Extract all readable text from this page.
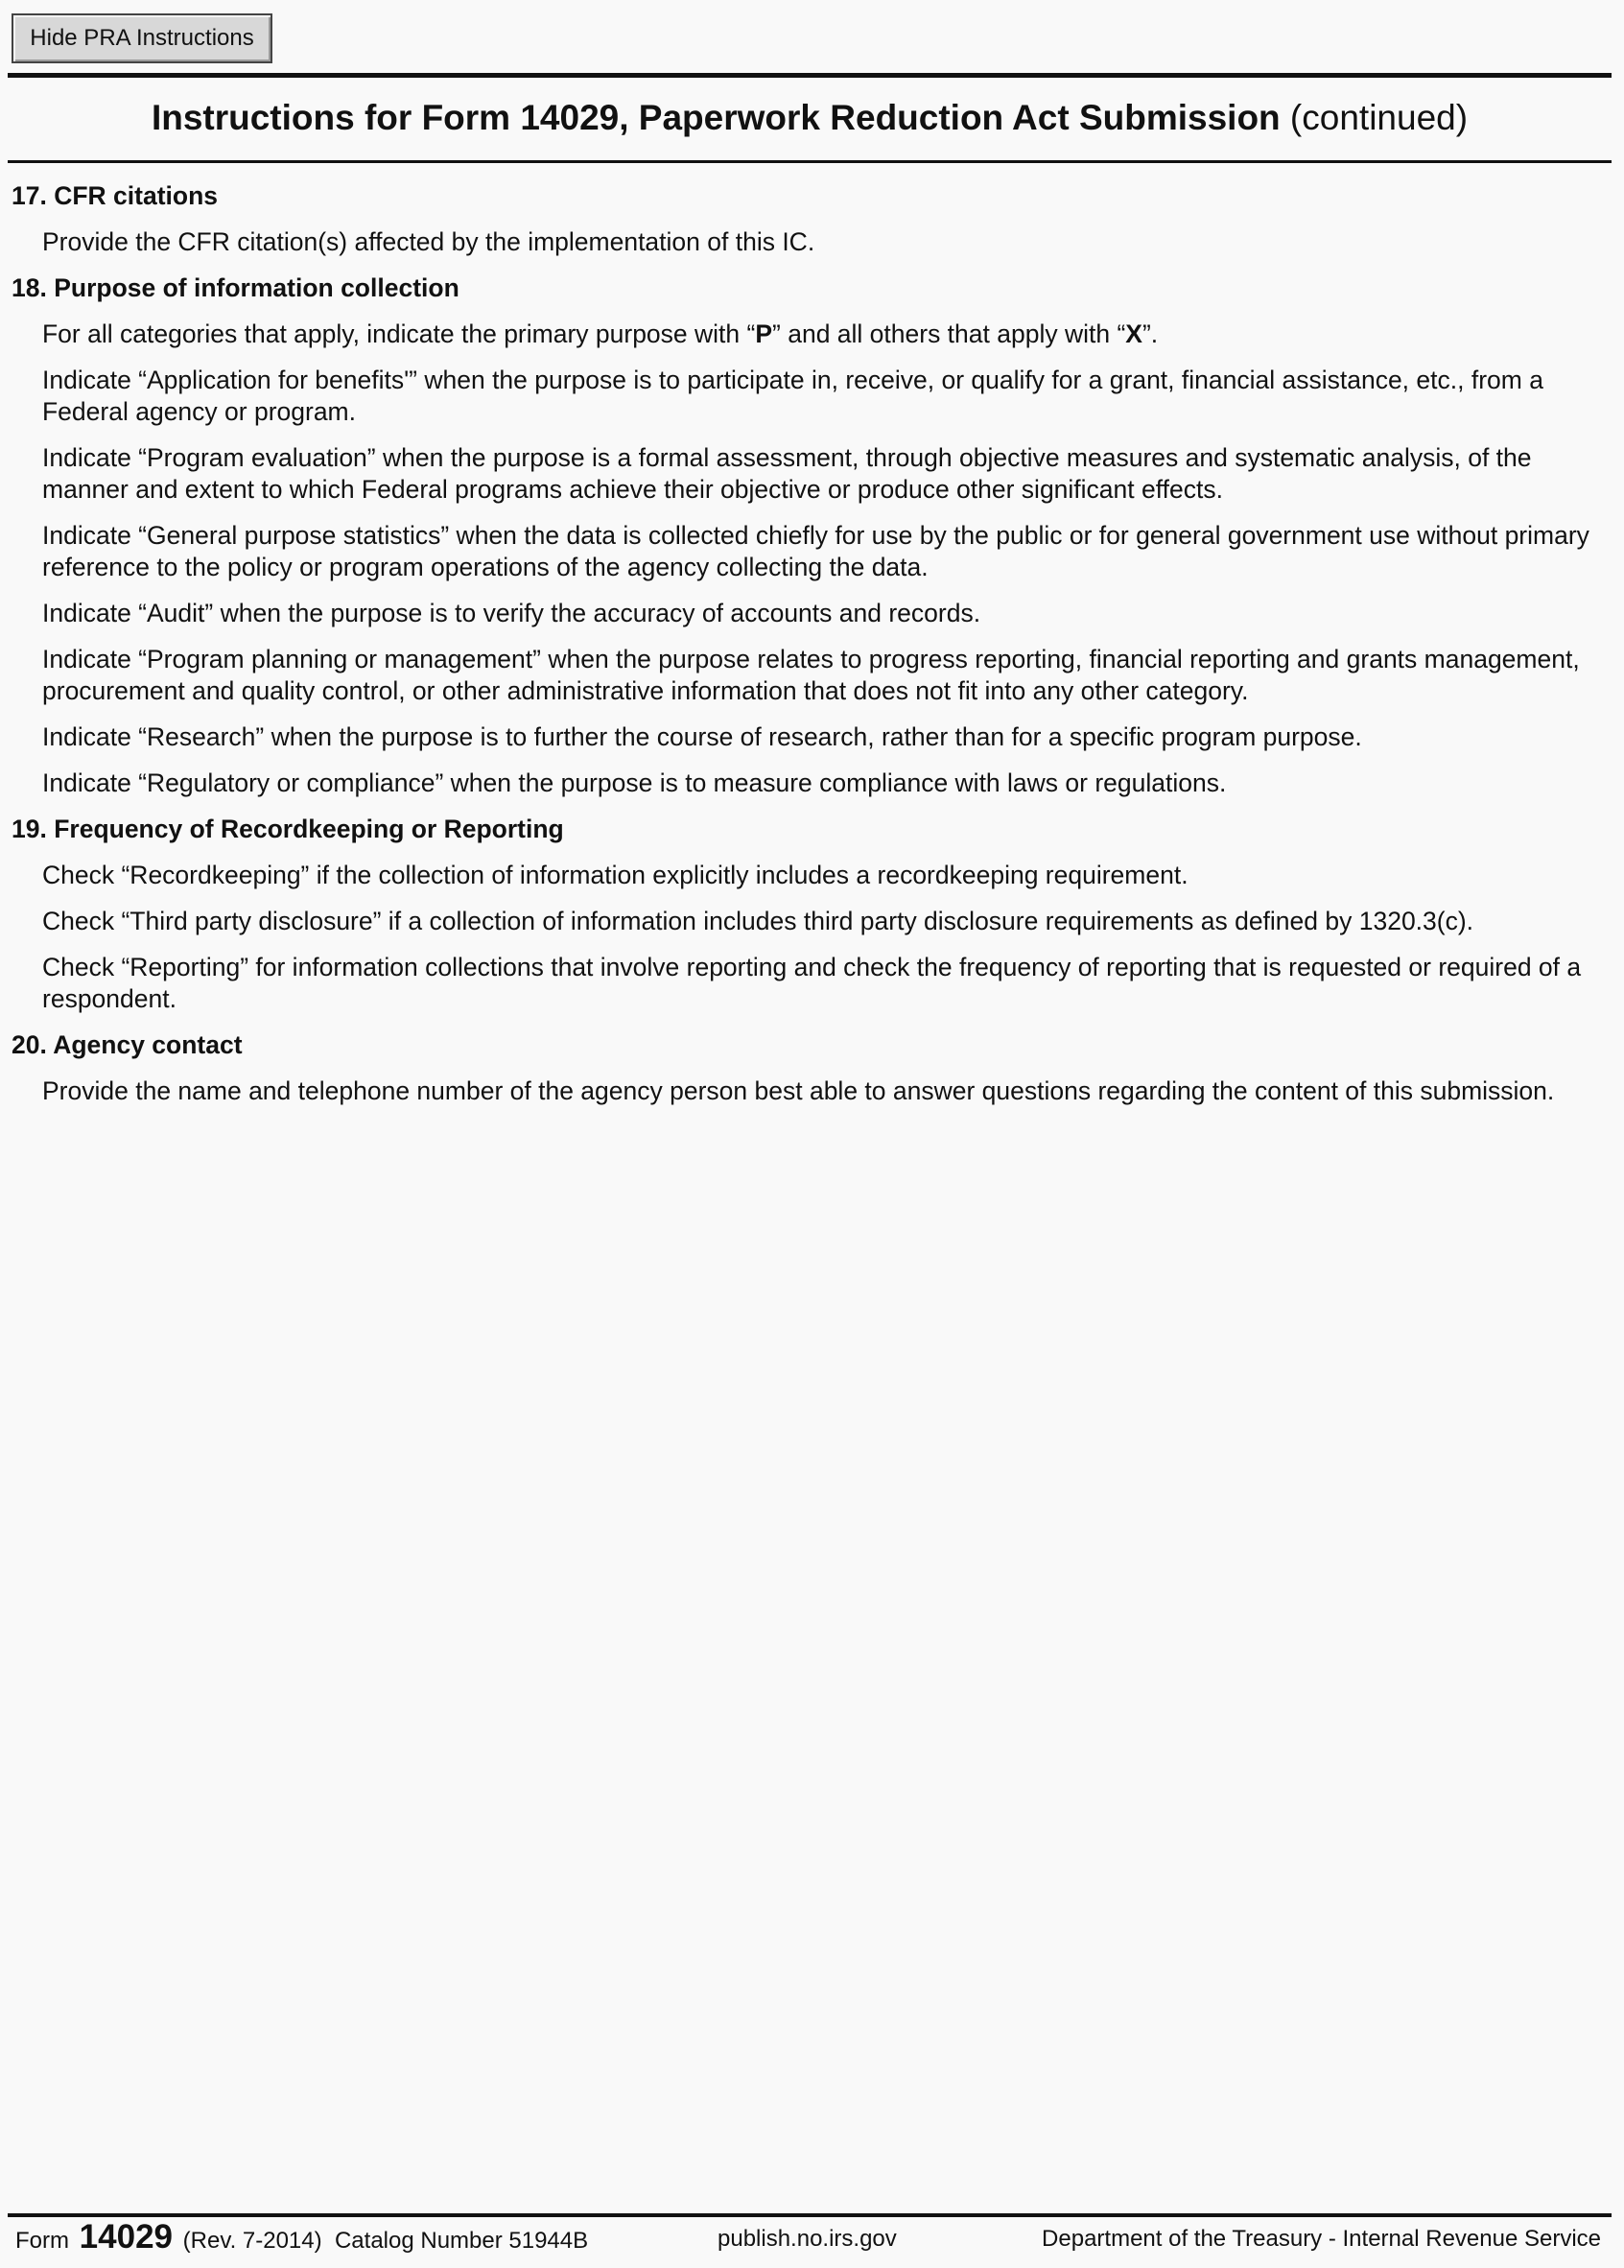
Hide PRA Instructions
Instructions for Form 14029, Paperwork Reduction Act Submission (continued)
17. CFR citations
Provide the CFR citation(s) affected by the implementation of this IC.
18. Purpose of information collection
For all categories that apply, indicate the primary purpose with “P” and all others that apply with “X”.
Indicate “Application for benefits'” when the purpose is to participate in, receive, or qualify for a grant, financial assistance, etc., from a Federal agency or program.
Indicate “Program evaluation” when the purpose is a formal assessment, through objective measures and systematic analysis, of the manner and extent to which Federal programs achieve their objective or produce other significant effects.
Indicate “General purpose statistics” when the data is collected chiefly for use by the public or for general government use without primary reference to the policy or program operations of the agency collecting the data.
Indicate “Audit” when the purpose is to verify the accuracy of accounts and records.
Indicate “Program planning or management” when the purpose relates to progress reporting, financial reporting and grants management, procurement and quality control, or other administrative information that does not fit into any other category.
Indicate “Research” when the purpose is to further the course of research, rather than for a specific program purpose.
Indicate “Regulatory or compliance” when the purpose is to measure compliance with laws or regulations.
19. Frequency of Recordkeeping or Reporting
Check “Recordkeeping” if the collection of information explicitly includes a recordkeeping requirement.
Check “Third party disclosure” if a collection of information includes third party disclosure requirements as defined by 1320.3(c).
Check “Reporting” for information collections that involve reporting and check the frequency of reporting that is requested or required of a respondent.
20. Agency contact
Provide the name and telephone number of the agency person best able to answer questions regarding the content of this submission.
Form 14029 (Rev. 7-2014) Catalog Number 51944B	publish.no.irs.gov	Department of the Treasury - Internal Revenue Service
